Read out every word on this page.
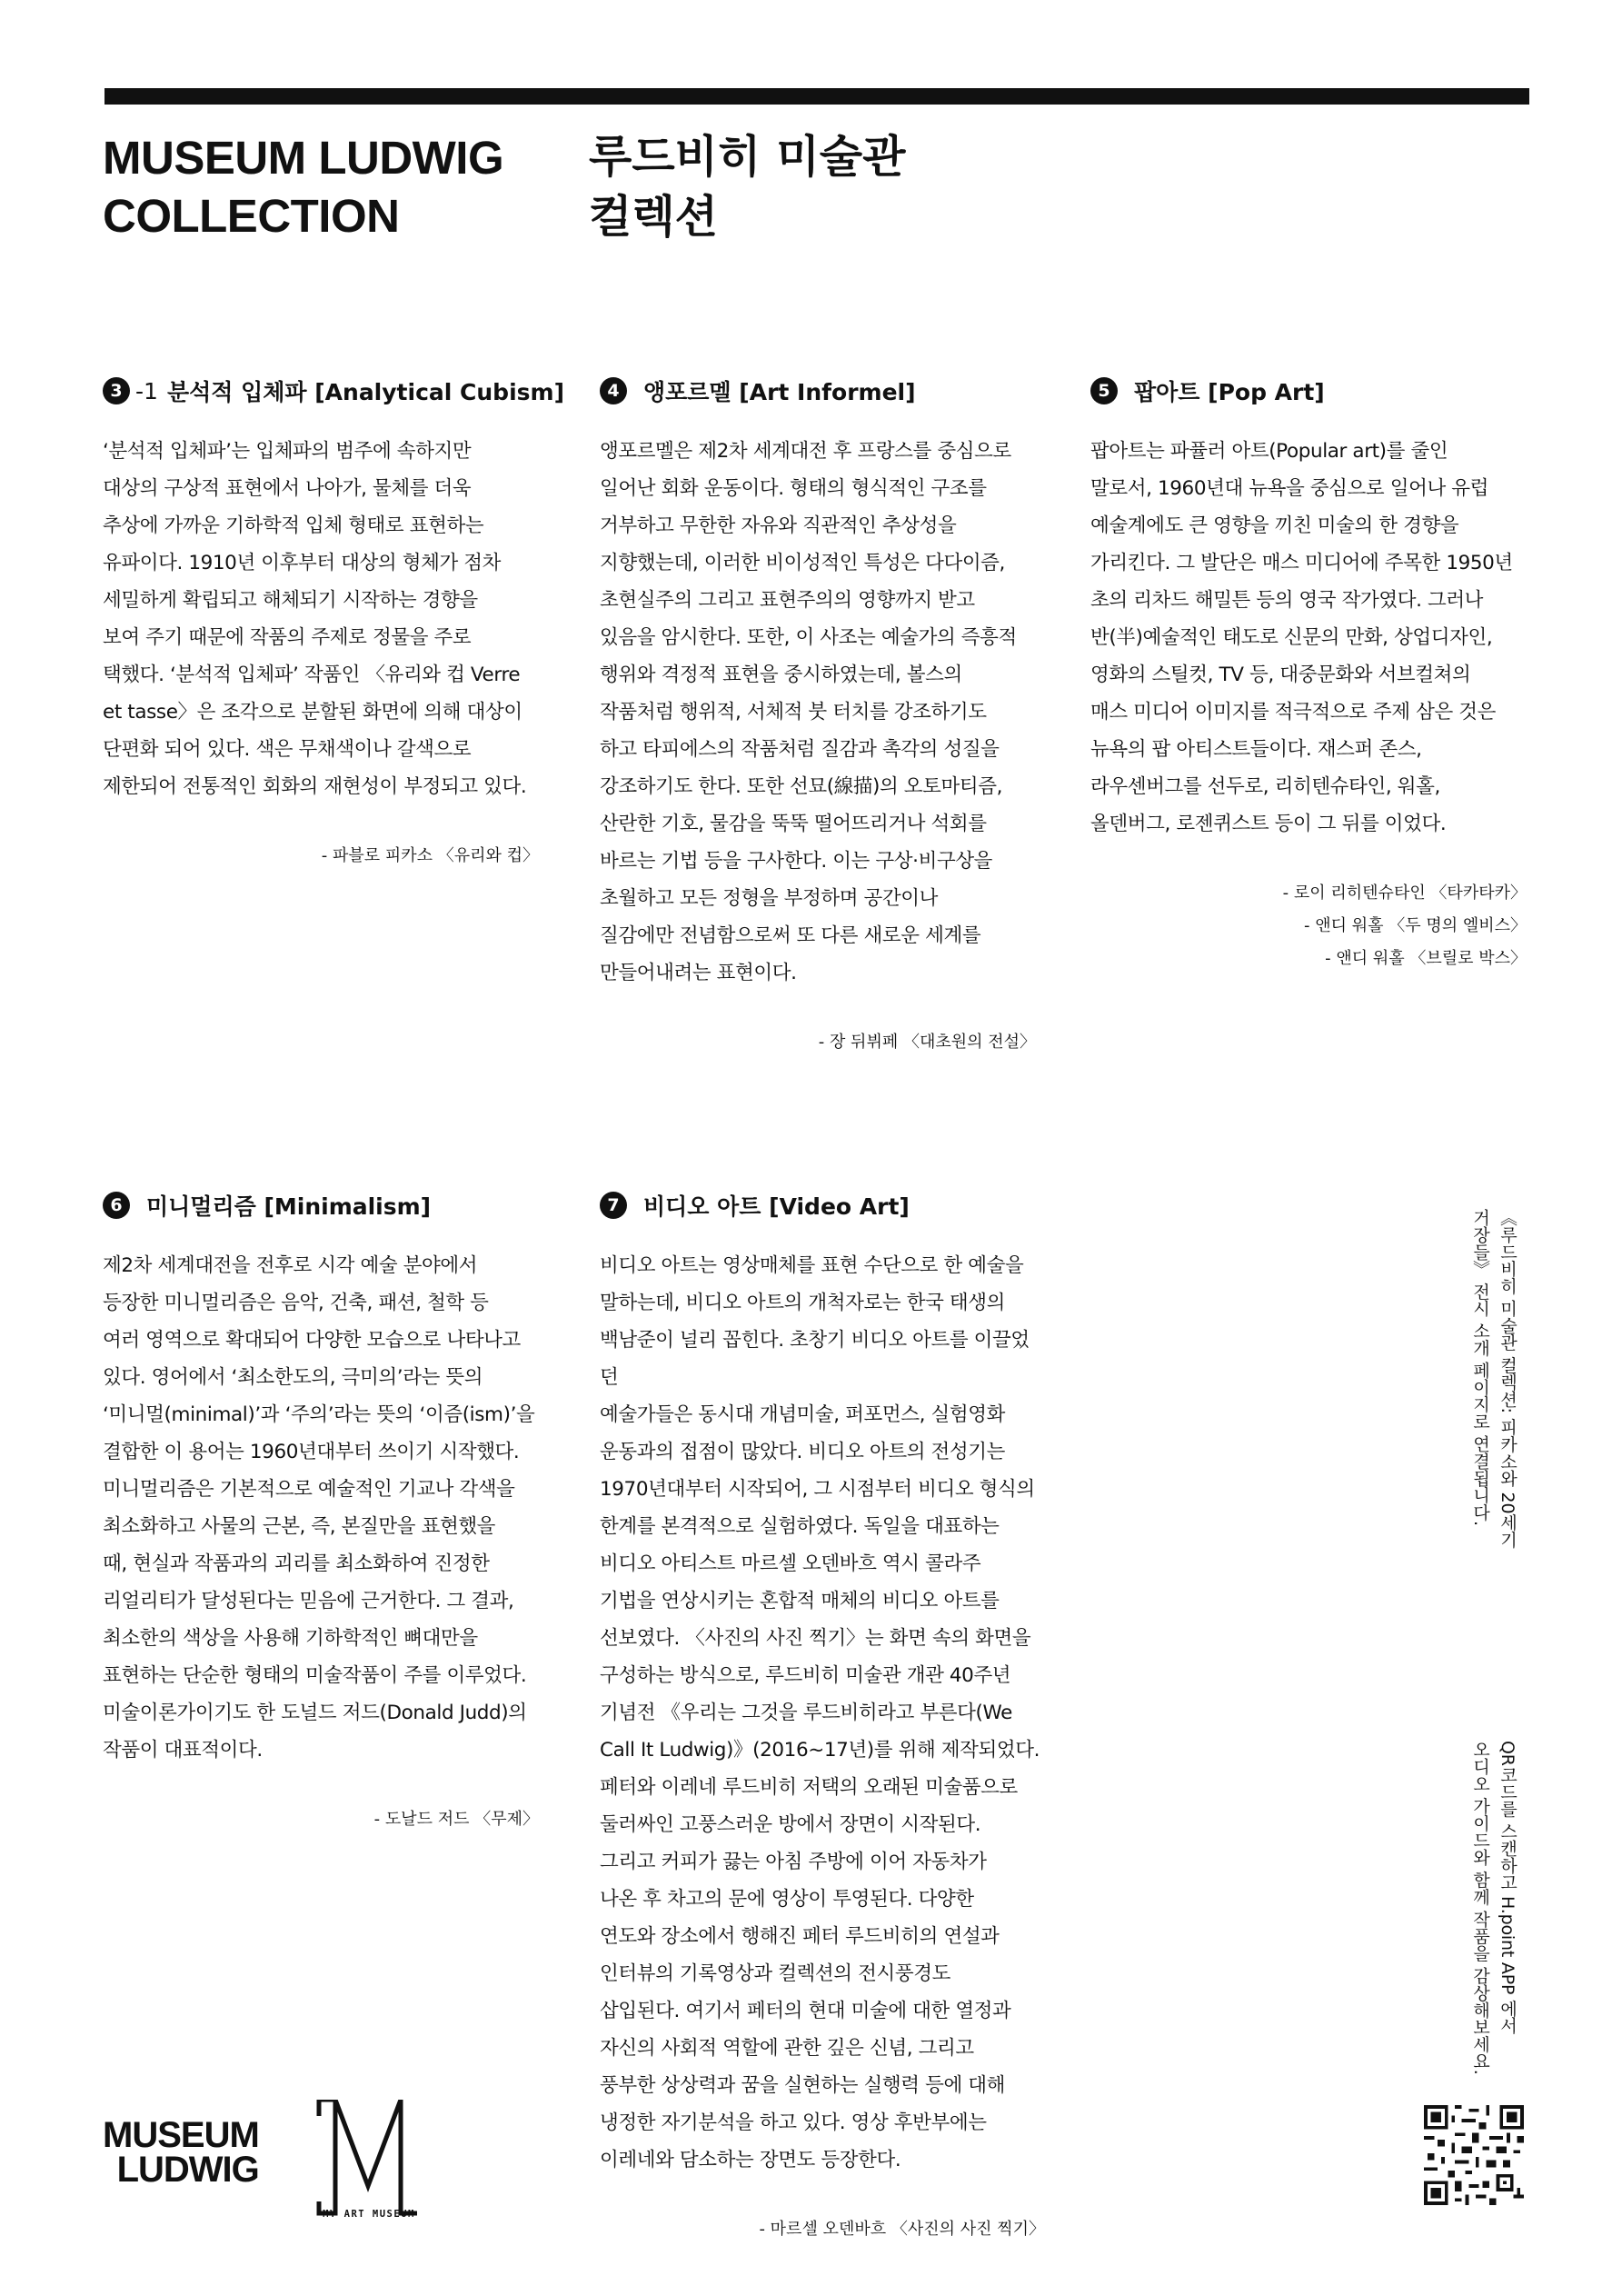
MUSEUM LUDWIG
COLLECTION
루드비히 미술관
컬렉션
3 -1 분석적 입체파 [Analytical Cubism]
‘분석적 입체파’는 입체파의 범주에 속하지만
대상의 구상적 표현에서 나아가, 물체를 더욱
추상에 가까운 기하학적 입체 형태로 표현하는
유파이다. 1910년 이후부터 대상의 형체가 점차
세밀하게 확립되고 해체되기 시작하는 경향을
보여 주기 때문에 작품의 주제로 정물을 주로
택했다. ‘분석적 입체파’ 작품인 〈유리와 컵 Verre
et tasse〉은 조각으로 분할된 화면에 의해 대상이
단편화 되어 있다. 색은 무채색이나 갈색으로
제한되어 전통적인 회화의 재현성이 부정되고 있다.
- 파블로 피카소 〈유리와 컵〉
4	앵포르멜 [Art Informel]
앵포르멜은 제2차 세계대전 후 프랑스를 중심으로
일어난 회화 운동이다. 형태의 형식적인 구조를
거부하고 무한한 자유와 직관적인 추상성을
지향했는데, 이러한 비이성적인 특성은 다다이즘,
초현실주의 그리고 표현주의의 영향까지 받고
있음을 암시한다. 또한, 이 사조는 예술가의 즉흥적
행위와 격정적 표현을 중시하였는데, 볼스의
작품처럼 행위적, 서체적 붓 터치를 강조하기도
하고 타피에스의 작품처럼 질감과 촉각의 성질을
강조하기도 한다. 또한 선묘(線描)의 오토마티즘,
산란한 기호, 물감을 뚝뚝 떨어뜨리거나 석회를
바르는 기법 등을 구사한다. 이는 구상·비구상을
초월하고 모든 정형을 부정하며 공간이나
질감에만 전념함으로써 또 다른 새로운 세계를
만들어내려는 표현이다.
- 장 뒤뷔페 〈대초원의 전설〉
5	팝아트 [Pop Art]
팝아트는 파퓰러 아트(Popular art)를 줄인
말로서, 1960년대 뉴욕을 중심으로 일어나 유럽
예술계에도 큰 영향을 끼친 미술의 한 경향을
가리킨다. 그 발단은 매스 미디어에 주목한 1950년
초의 리차드 해밀튼 등의 영국 작가였다. 그러나
반(半)예술적인 태도로 신문의 만화, 상업디자인,
영화의 스틸컷, TV 등, 대중문화와 서브컬쳐의
매스 미디어 이미지를 적극적으로 주제 삼은 것은
뉴욕의 팝 아티스트들이다. 재스퍼 존스,
라우센버그를 선두로, 리히텐슈타인, 워홀,
올덴버그, 로젠퀴스트 등이 그 뒤를 이었다.
- 로이 리히텐슈타인 〈타카타카〉
- 앤디 워홀 〈두 명의 엘비스〉
- 앤디 워홀 〈브릴로 박스〉
6	미니멀리즘 [Minimalism]
제2차 세계대전을 전후로 시각 예술 분야에서
등장한 미니멀리즘은 음악, 건축, 패션, 철학 등
여러 영역으로 확대되어 다양한 모습으로 나타나고
있다. 영어에서 ‘최소한도의, 극미의’라는 뜻의
‘미니멀(minimal)’과 ‘주의’라는 뜻의 ‘이즘(ism)’을
결합한 이 용어는 1960년대부터 쓰이기 시작했다.
미니멀리즘은 기본적으로 예술적인 기교나 각색을
최소화하고 사물의 근본, 즉, 본질만을 표현했을
때, 현실과 작품과의 괴리를 최소화하여 진정한
리얼리티가 달성된다는 믿음에 근거한다. 그 결과,
최소한의 색상을 사용해 기하학적인 뼈대만을
표현하는 단순한 형태의 미술작품이 주를 이루었다.
미술이론가이기도 한 도널드 저드(Donald Judd)의
작품이 대표적이다.
- 도날드 저드 〈무제〉
7	비디오 아트 [Video Art]
비디오 아트는 영상매체를 표현 수단으로 한 예술을
말하는데, 비디오 아트의 개척자로는 한국 태생의
백남준이 널리 꼽힌다. 초창기 비디오 아트를 이끌었던
예술가들은 동시대 개념미술, 퍼포먼스, 실험영화
운동과의 접점이 많았다. 비디오 아트의 전성기는
1970년대부터 시작되어, 그 시점부터 비디오 형식의
한계를 본격적으로 실험하였다. 독일을 대표하는
비디오 아티스트 마르셀 오덴바흐 역시 콜라주
기법을 연상시키는 혼합적 매체의 비디오 아트를
선보였다. 〈사진의 사진 찍기〉는 화면 속의 화면을
구성하는 방식으로, 루드비히 미술관 개관 40주년
기념전 《우리는 그것을 루드비히라고 부른다(We
Call It Ludwig)》(2016~17년)를 위해 제작되었다.
페터와 이레네 루드비히 저택의 오래된 미술품으로
둘러싸인 고풍스러운 방에서 장면이 시작된다.
그리고 커피가 끓는 아침 주방에 이어 자동차가
나온 후 차고의 문에 영상이 투영된다. 다양한
연도와 장소에서 행해진 페터 루드비히의 연설과
인터뷰의 기록영상과 컬렉션의 전시풍경도
삽입된다. 여기서 페터의 현대 미술에 대한 열정과
자신의 사회적 역할에 관한 깊은 신념, 그리고
풍부한 상상력과 꿈을 실현하는 실행력 등에 대해
냉정한 자기분석을 하고 있다. 영상 후반부에는
이레네와 담소하는 장면도 등장한다.
- 마르셀 오덴바흐 〈사진의 사진 찍기〉
《루드비히 미술관 컬렉션: 피카소와 20세기
거장들》 전시 소개 페이지로 연결됩니다.
QR코드를 스캔하고 H.point APP 에서
오디오 가이드와 함께 작품을 감상해보세요.
MUSEUM
LUDWIG
MY ART MUSEUM
